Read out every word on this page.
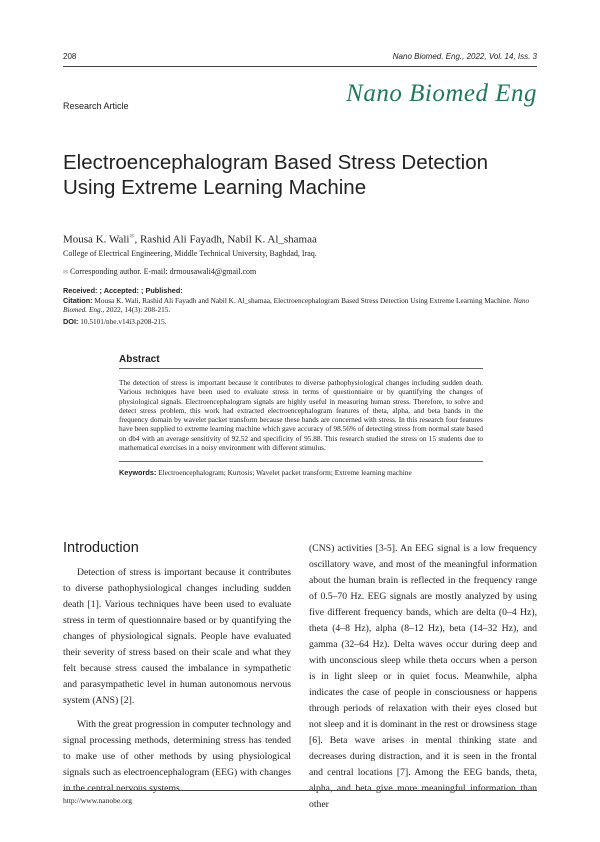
208	Nano Biomed. Eng., 2022, Vol. 14, Iss. 3
Research Article	Nano Biomed Eng
Electroencephalogram Based Stress Detection Using Extreme Learning Machine
Mousa K. Wali✉, Rashid Ali Fayadh, Nabil K. Al_shamaa
College of Electrical Engineering, Middle Technical University, Baghdad, Iraq.
✉ Corresponding author. E-mail: drmousawali4@gmail.com
Received: ; Accepted: ; Published:
Citation: Mousa K. Wali, Rashid Ali Fayadh and Nabil K. Al_shamaa, Electroencephalogram Based Stress Detection Using Extreme Learning Machine. Nano Biomed. Eng., 2022, 14(3): 208-215.
DOI: 10.5101/nbe.v14i3.p208-215.
Abstract
The detection of stress is important because it contributes to diverse pathophysiological changes including sudden death. Various techniques have been used to evaluate stress in terms of questionnaire or by quantifying the changes of physiological signals. Electroencephalogram signals are highly useful in measuring human stress. Therefore, to solve and detect stress problem, this work had extracted electroencephalogram features of theta, alpha, and beta bands in the frequency domain by wavelet packet transform because these bands are concerned with stress. In this research four features have been supplied to extreme learning machine which gave accuracy of 98.56% of detecting stress from normal state based on db4 with an average sensitivity of 92.52 and specificity of 95.88. This research studied the stress on 15 students due to mathematical exercises in a noisy environment with different stimulus.
Keywords: Electroencephalogram; Kurtosis; Wavelet packet transform; Extreme learning machine
Introduction

Detection of stress is important because it contributes to diverse pathophysiological changes including sudden death [1]. Various techniques have been used to evaluate stress in term of questionnaire based or by quantifying the changes of physiological signals. People have evaluated their severity of stress based on their scale and what they felt because stress caused the imbalance in sympathetic and parasympathetic level in human autonomous nervous system (ANS) [2].

With the great progression in computer technology and signal processing methods, determining stress has tended to make use of other methods by using physiological signals such as electroencephalogram (EEG) with changes in the central nervous systems

(CNS) activities [3-5]. An EEG signal is a low frequency oscillatory wave, and most of the meaningful information about the human brain is reflected in the frequency range of 0.5–70 Hz. EEG signals are mostly analyzed by using five different frequency bands, which are delta (0–4 Hz), theta (4–8 Hz), alpha (8–12 Hz), beta (14–32 Hz), and gamma (32–64 Hz). Delta waves occur during deep and with unconscious sleep while theta occurs when a person is in light sleep or in quiet focus. Meanwhile, alpha indicates the case of people in consciousness or happens through periods of relaxation with their eyes closed but not sleep and it is dominant in the rest or drowsiness stage [6]. Beta wave arises in mental thinking state and decreases during distraction, and it is seen in the frontal and central locations [7]. Among the EEG bands, theta, alpha, and beta give more meaningful information than other

http://www.nanobe.org
